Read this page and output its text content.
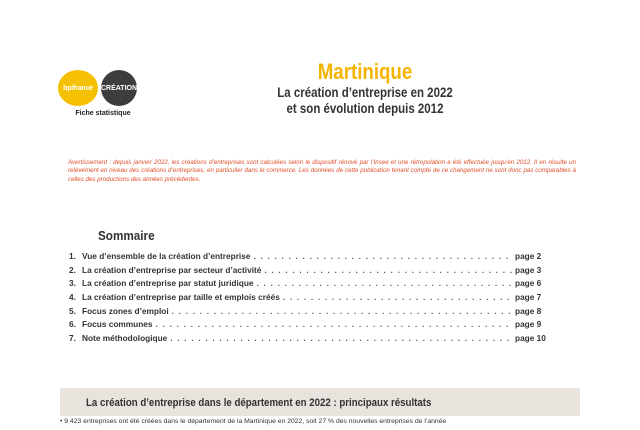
bpifrance CRÉATION
Fiche statistique
Martinique
La création d’entreprise en 2022
et son évolution depuis 2012
Avertissement : depuis janvier 2022, les créations d’entreprises sont calculées selon le dispositif rénové par l’Insee et une rétropolation a été effectuée jusqu’en 2012. Il en résulte un relèvement en niveau des créations d’entreprises, en particulier dans le commerce. Les données de cette publication tenant compte de ce changement ne sont donc pas comparables à celles des productions des années précédentes.
Sommaire
1. Vue d’ensemble de la création d’entreprise . . .	page 2
2. La création d’entreprise par secteur d’activité . . .	page 3
3. La création d’entreprise par statut juridique . . .	page 6
4. La création d’entreprise par taille et emplois créés . . .	page 7
5. Focus zones d’emploi . . .	page 8
6. Focus communes . . .	page 9
7. Note méthodologique . . .	page 10
La création d’entreprise dans le département en 2022 : principaux résultats
• 9 423 entreprises ont été créées dans le département de la Martinique en 2022, soit 27 % des nouvelles entreprises de l’année
